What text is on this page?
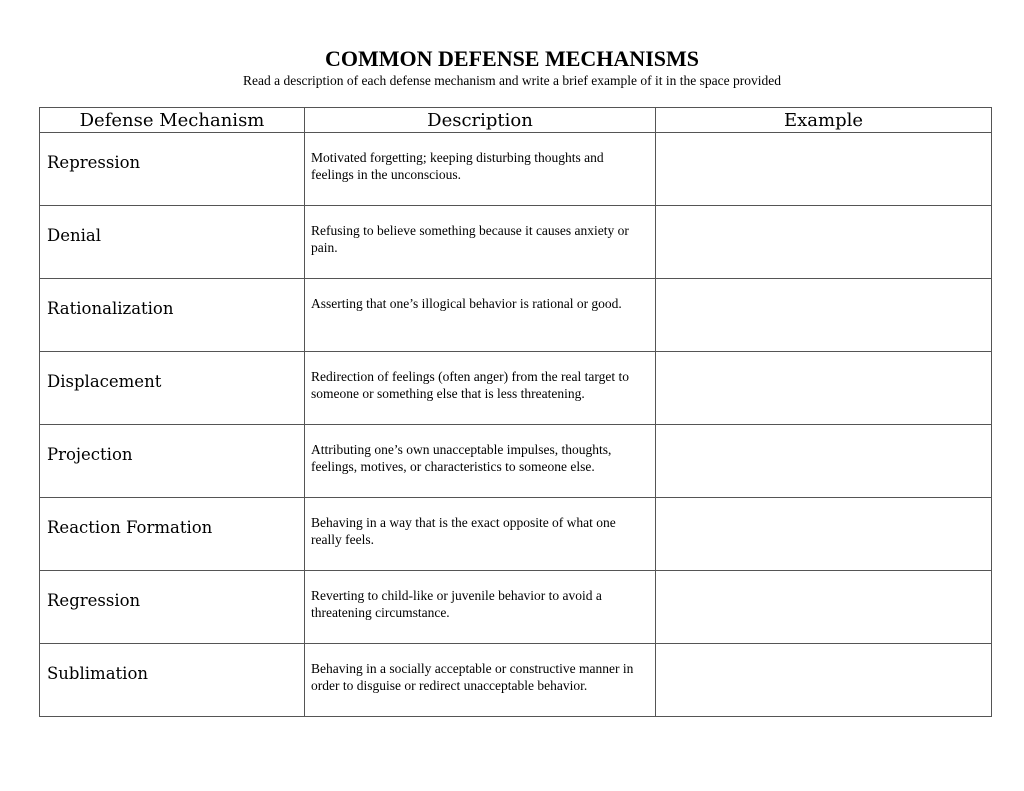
COMMON DEFENSE MECHANISMS

Read a description of each defense mechanism and write a brief example of it in the space provided

Defense Mechanism	Description	Example

Repression	Motivated forgetting; keeping disturbing thoughts and feelings in the unconscious.	

Denial	Refusing to believe something because it causes anxiety or pain.	

Rationalization	Asserting that one’s illogical behavior is rational or good.	

Displacement	Redirection of feelings (often anger) from the real target to someone or something else that is less threatening.	

Projection	Attributing one’s own unacceptable impulses, thoughts, feelings, motives, or characteristics to someone else.	

Reaction Formation	Behaving in a way that is the exact opposite of what one really feels.	

Regression	Reverting to child-like or juvenile behavior to avoid a threatening circumstance.	

Sublimation	Behaving in a socially acceptable or constructive manner in order to disguise or redirect unacceptable behavior.	
